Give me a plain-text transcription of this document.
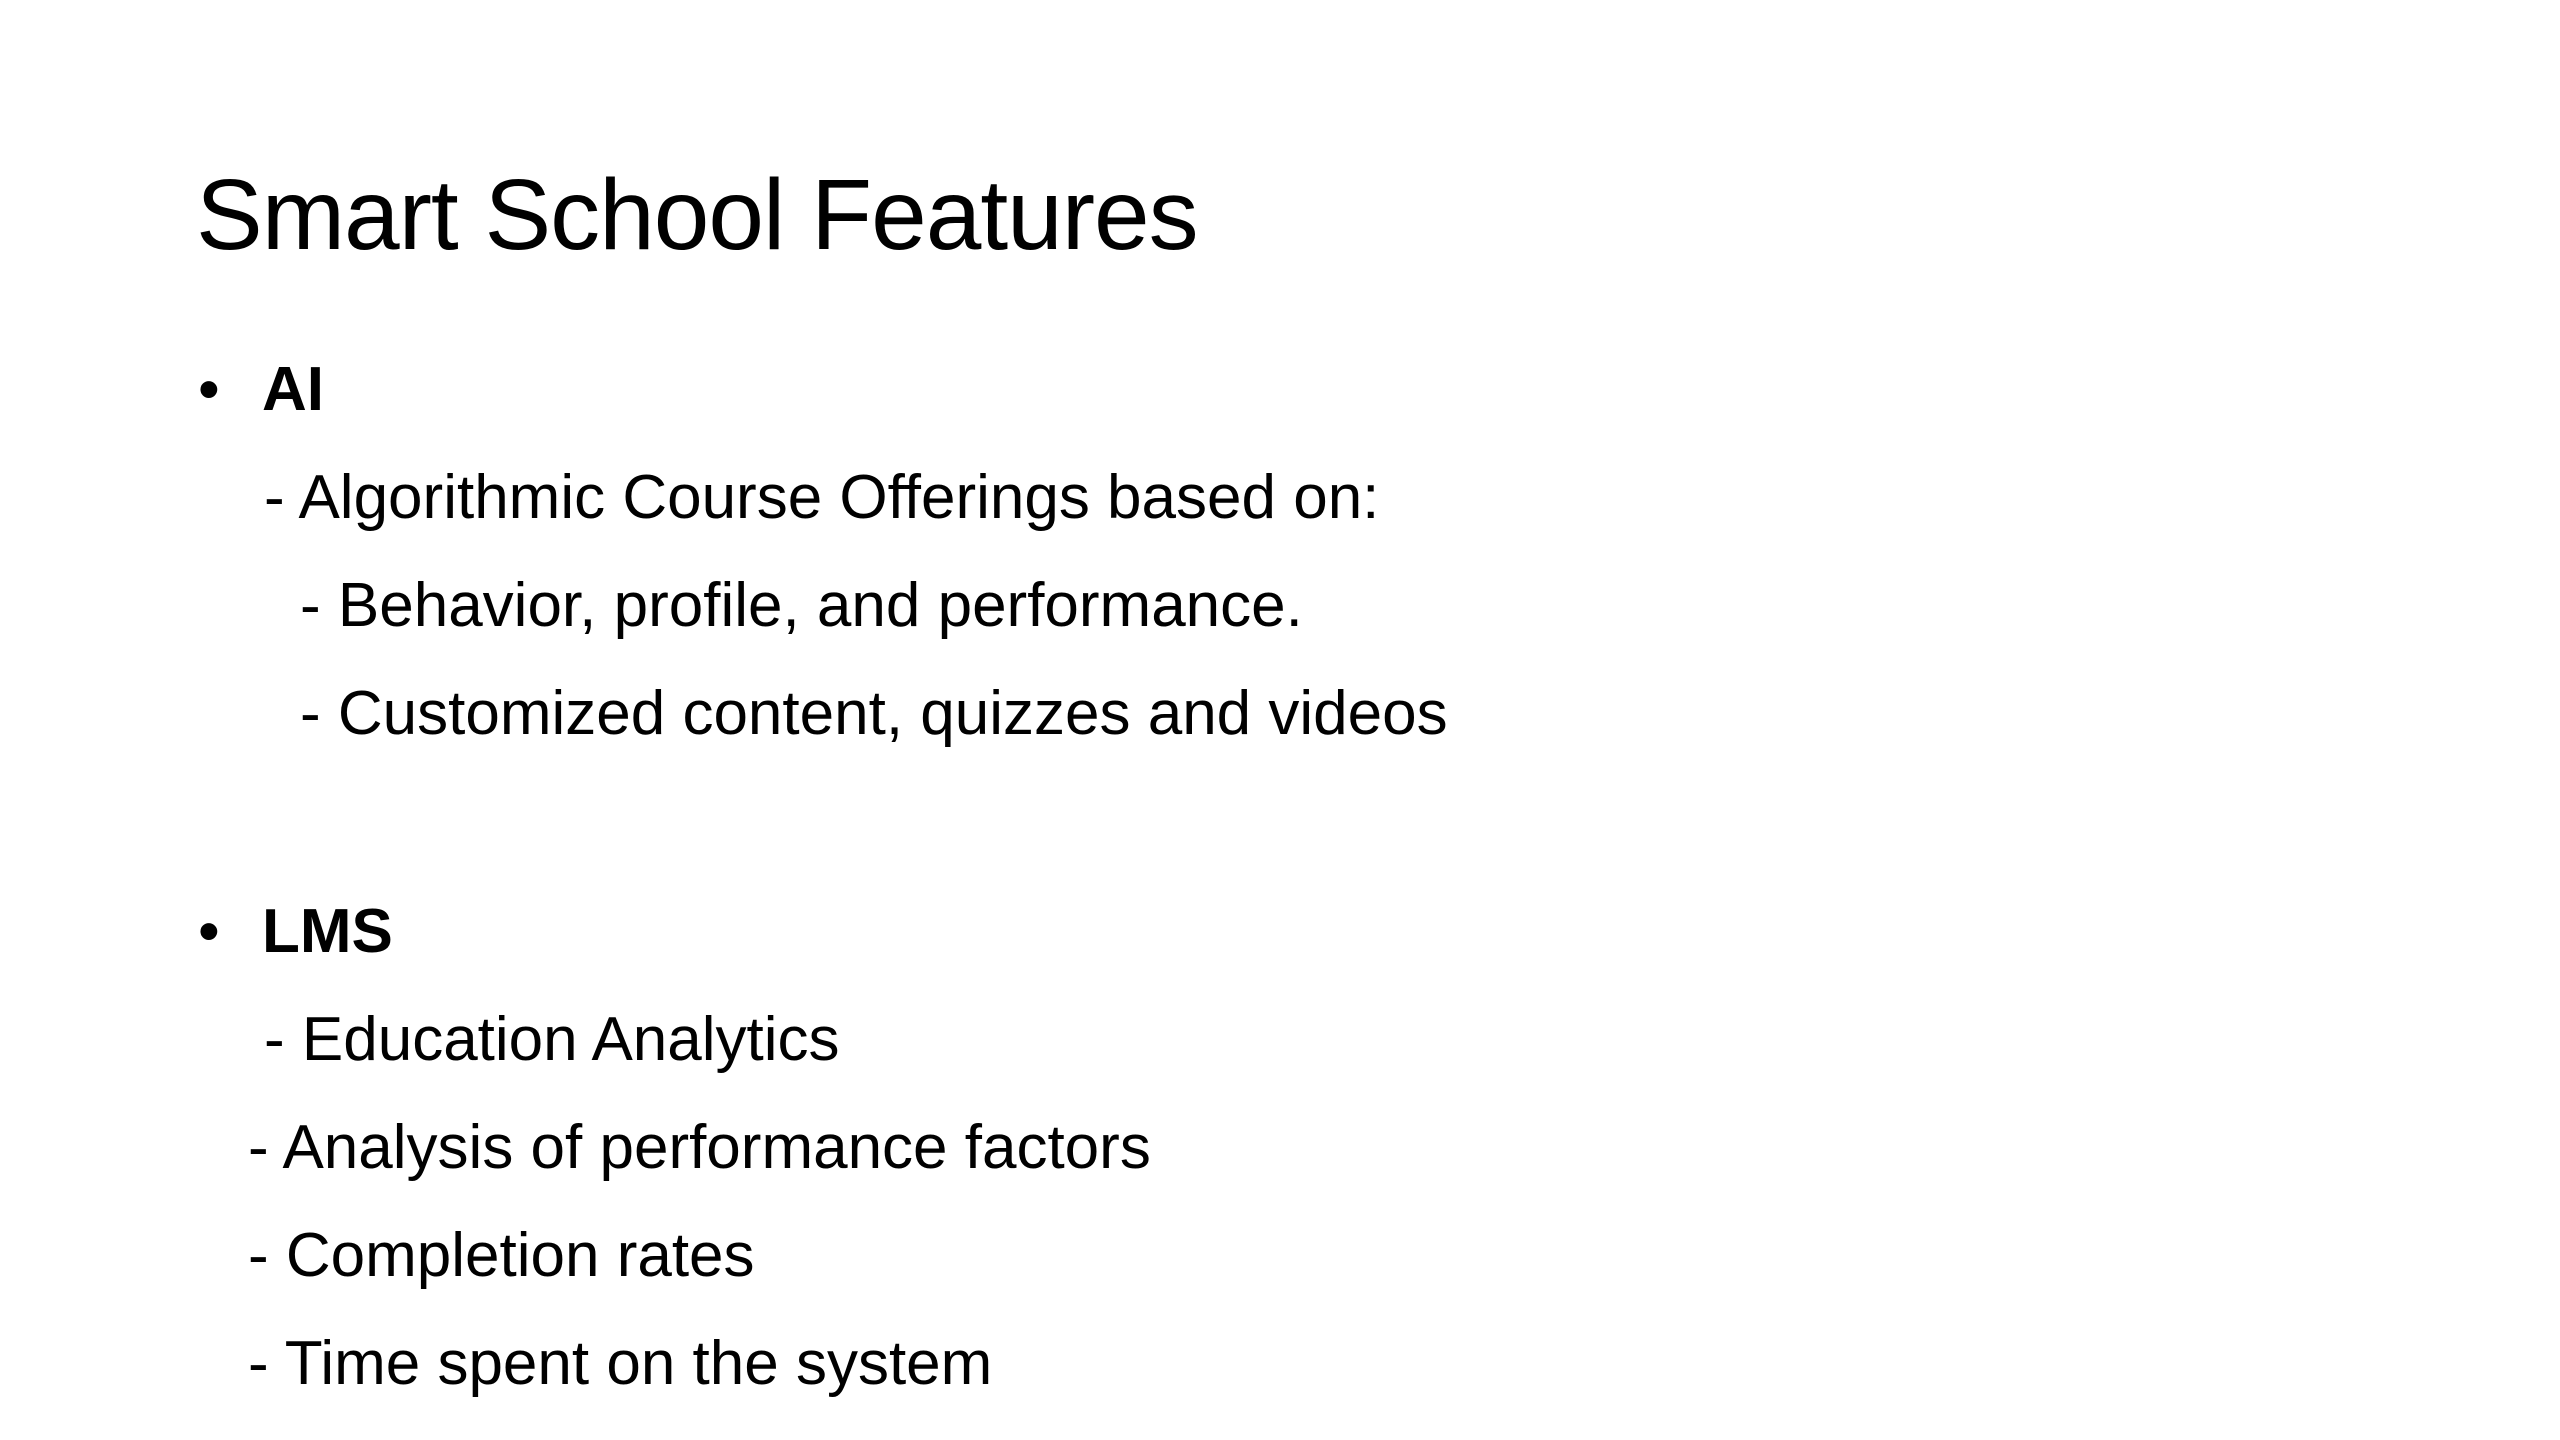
Smart School Features
• AI
- Algorithmic Course Offerings based on:
- Behavior, profile, and performance.
- Customized content, quizzes and videos
• LMS
- Education Analytics
- Analysis of performance factors
- Completion rates
- Time spent on the system
